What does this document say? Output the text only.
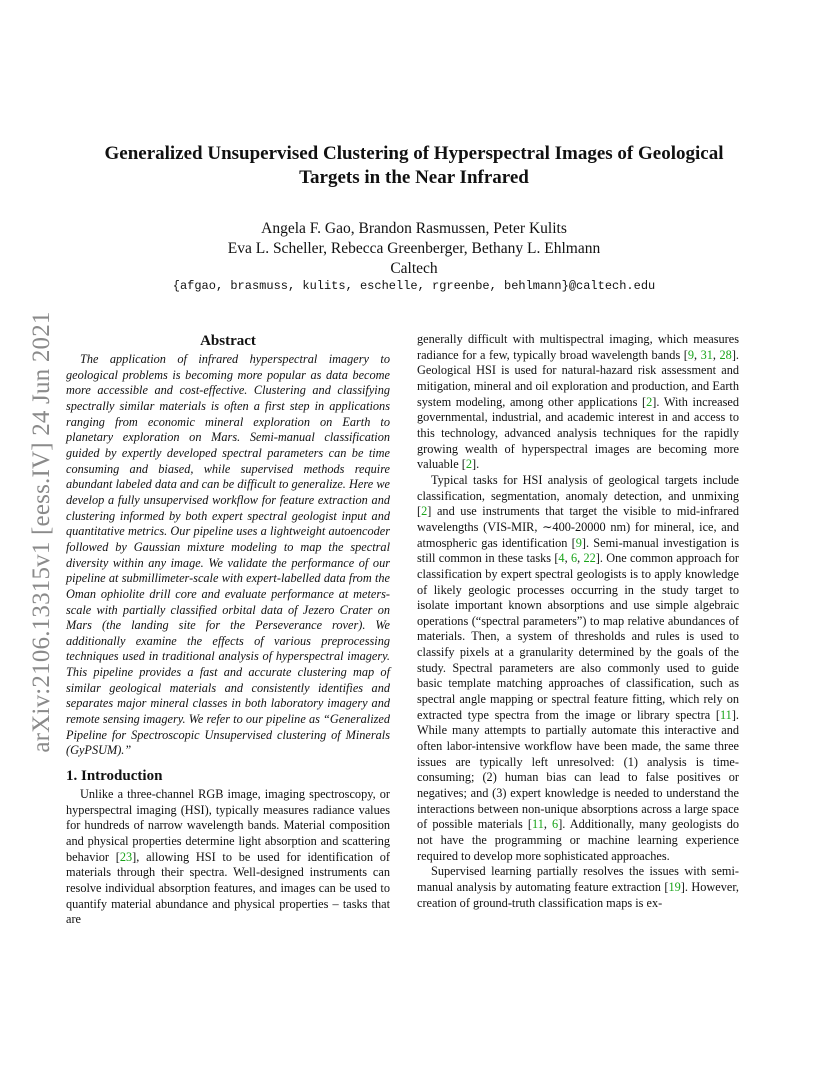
arXiv:2106.13315v1 [eess.IV] 24 Jun 2021
Generalized Unsupervised Clustering of Hyperspectral Images of Geological
Targets in the Near Infrared
Angela F. Gao, Brandon Rasmussen, Peter Kulits
Eva L. Scheller, Rebecca Greenberger, Bethany L. Ehlmann
Caltech
{afgao, brasmuss, kulits, eschelle, rgreenbe, behlmann}@caltech.edu
Abstract

The application of infrared hyperspectral imagery to geological problems is becoming more popular as data become more accessible and cost-effective. Clustering and classifying spectrally similar materials is often a first step in applications ranging from economic mineral exploration on Earth to planetary exploration on Mars. Semi-manual classification guided by expertly developed spectral parameters can be time consuming and biased, while supervised methods require abundant labeled data and can be difficult to generalize. Here we develop a fully unsupervised workflow for feature extraction and clustering informed by both expert spectral geologist input and quantitative metrics. Our pipeline uses a lightweight autoencoder followed by Gaussian mixture modeling to map the spectral diversity within any image. We validate the performance of our pipeline at submillimeter-scale with expert-labelled data from the Oman ophiolite drill core and evaluate performance at meters-scale with partially classified orbital data of Jezero Crater on Mars (the landing site for the Perseverance rover). We additionally examine the effects of various preprocessing techniques used in traditional analysis of hyperspectral imagery. This pipeline provides a fast and accurate clustering map of similar geological materials and consistently identifies and separates major mineral classes in both laboratory imagery and remote sensing imagery. We refer to our pipeline as “Generalized Pipeline for Spectroscopic Unsupervised clustering of Minerals (GyPSUM).”

1. Introduction

Unlike a three-channel RGB image, imaging spectroscopy, or hyperspectral imaging (HSI), typically measures radiance values for hundreds of narrow wavelength bands. Material composition and physical properties determine light absorption and scattering behavior [23], allowing HSI to be used for identification of materials through their spectra. Well-designed instruments can resolve individual absorption features, and images can be used to quantify material abundance and physical properties – tasks that are

generally difficult with multispectral imaging, which measures radiance for a few, typically broad wavelength bands [9, 31, 28]. Geological HSI is used for natural-hazard risk assessment and mitigation, mineral and oil exploration and production, and Earth system modeling, among other applications [2]. With increased governmental, industrial, and academic interest in and access to this technology, advanced analysis techniques for the rapidly growing wealth of hyperspectral images are becoming more valuable [2].

Typical tasks for HSI analysis of geological targets include classification, segmentation, anomaly detection, and unmixing [2] and use instruments that target the visible to mid-infrared wavelengths (VIS-MIR, ∼400-20000 nm) for mineral, ice, and atmospheric gas identification [9]. Semi-manual investigation is still common in these tasks [4, 6, 22]. One common approach for classification by expert spectral geologists is to apply knowledge of likely geologic processes occurring in the study target to isolate important known absorptions and use simple algebraic operations (“spectral parameters”) to map relative abundances of materials. Then, a system of thresholds and rules is used to classify pixels at a granularity determined by the goals of the study. Spectral parameters are also commonly used to guide basic template matching approaches of classification, such as spectral angle mapping or spectral feature fitting, which rely on extracted type spectra from the image or library spectra [11]. While many attempts to partially automate this interactive and often labor-intensive workflow have been made, the same three issues are typically left unresolved: (1) analysis is time-consuming; (2) human bias can lead to false positives or negatives; and (3) expert knowledge is needed to understand the interactions between non-unique absorptions across a large space of possible materials [11, 6]. Additionally, many geologists do not have the programming or machine learning experience required to develop more sophisticated approaches.

Supervised learning partially resolves the issues with semi-manual analysis by automating feature extraction [19]. However, creation of ground-truth classification maps is ex-
